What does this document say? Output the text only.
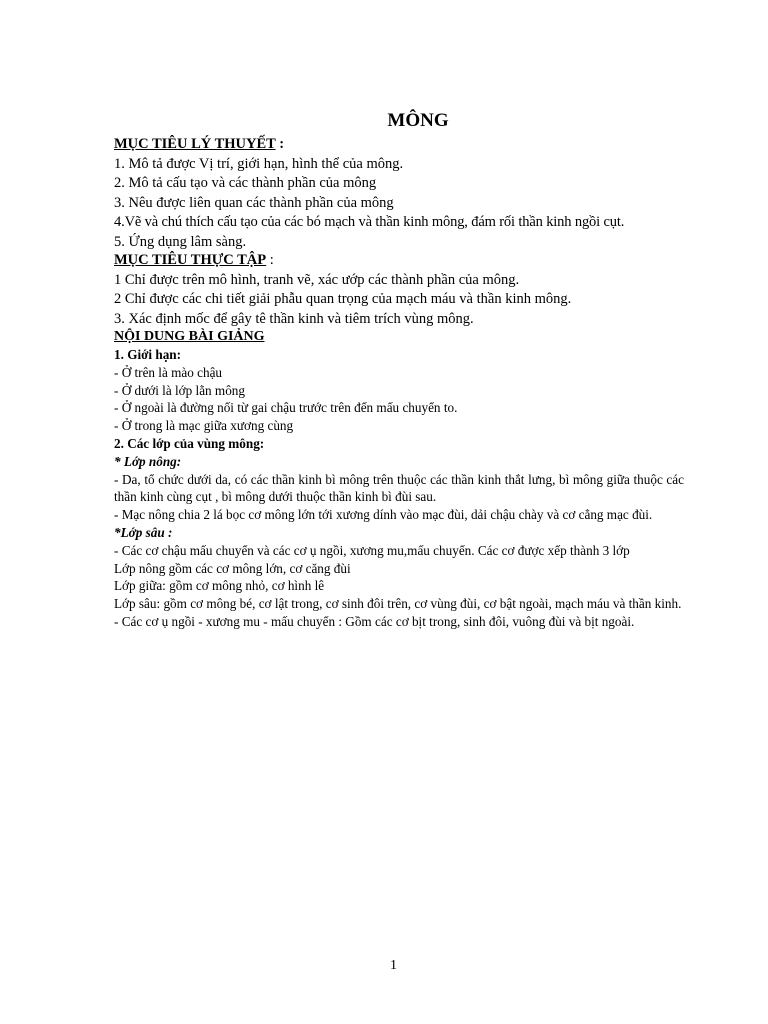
MÔNG
MỤC TIÊU LÝ THUYẾT :
1. Mô tả được Vị trí, giới hạn, hình thể của mông.
2. Mô tả cấu tạo và các thành phần của mông
3. Nêu được liên quan các thành phần của mông
4.Vẽ và chú thích cấu tạo của các bó mạch và thần kinh mông, đám rối thần kinh ngồi cụt.
5. Ứng dụng lâm sàng.
MỤC TIÊU THỰC TẬP :
1 Chỉ được trên mô hình, tranh vẽ, xác ướp các thành phần của mông.
2 Chỉ được các chi tiết giải phẫu quan trọng của mạch máu và thần kinh mông.
3. Xác định mốc để gây tê thần kinh và tiêm trích vùng mông.
NỘI DUNG BÀI GIẢNG
1. Giới hạn:
- Ở trên là mào chậu
- Ở dưới là lớp lằn mông
- Ở ngoài là đường nối từ gai chậu trước trên đến mấu chuyển to.
- Ở trong là mạc giữa xương cùng
2. Các lớp của vùng mông:
* Lớp nông:
- Da, tổ chức dưới da, có các thần kinh bì mông trên thuộc các thần kinh thắt lưng, bì mông giữa thuộc các thần kinh cùng cụt , bì mông dưới thuộc thần kinh bì đùi sau.
- Mạc nông chia 2 lá bọc cơ mông lớn tới xương dính vào mạc đùi, dải chậu chày và cơ cẳng mạc đùi.
*Lớp sâu :
- Các cơ chậu mấu chuyển và các cơ ụ ngồi, xương mu,mấu chuyển. Các cơ được xếp thành 3 lớp
Lớp nông gồm các cơ mông lớn, cơ căng đùi
Lớp giữa: gồm cơ mông nhỏ, cơ hình lê
Lớp sâu: gồm cơ mông bé, cơ lật trong, cơ sinh đôi trên, cơ vùng đùi, cơ bật ngoài, mạch máu và thần kinh.
- Các cơ ụ ngồi - xương mu - mấu chuyển : Gồm các cơ bịt trong, sinh đôi, vuông đùi và bịt ngoài.
1
